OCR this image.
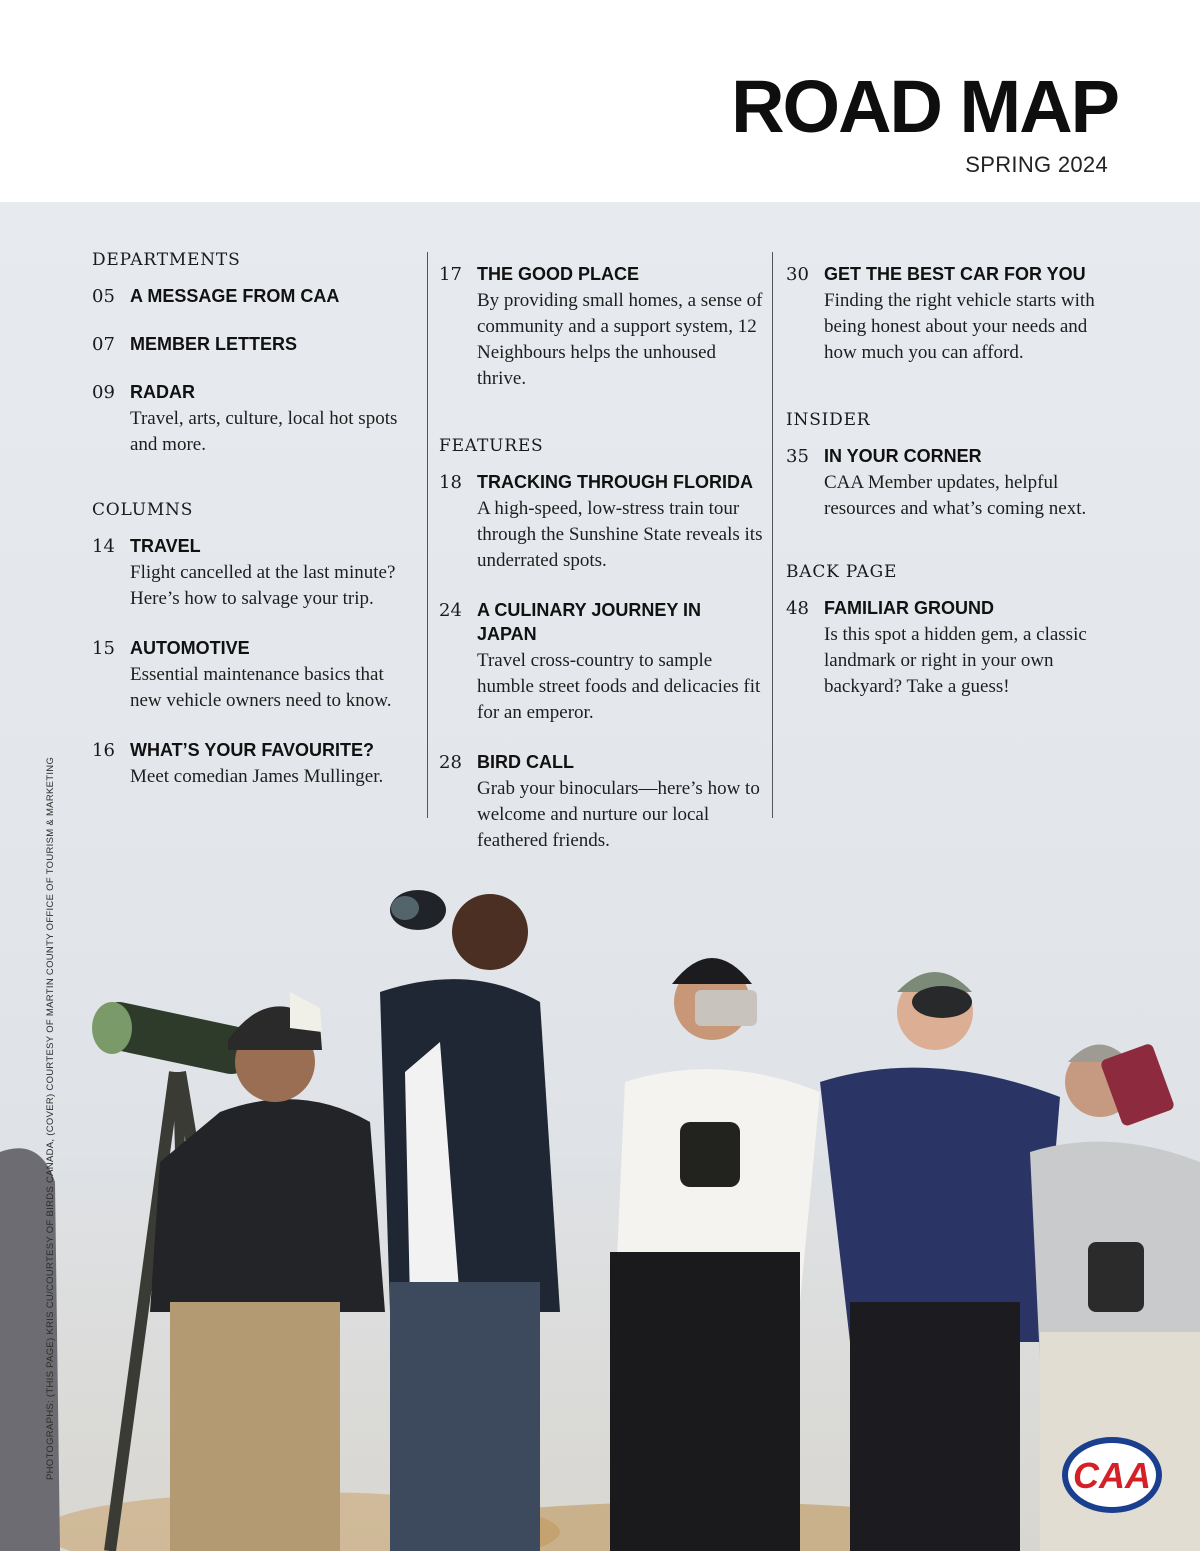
ROAD MAP
SPRING 2024
DEPARTMENTS
05 A MESSAGE FROM CAA
07 MEMBER LETTERS
09 RADAR
Travel, arts, culture, local hot spots and more.
COLUMNS
14 TRAVEL
Flight cancelled at the last minute? Here’s how to salvage your trip.
15 AUTOMOTIVE
Essential maintenance basics that new vehicle owners need to know.
16 WHAT’S YOUR FAVOURITE?
Meet comedian James Mullinger.
17 THE GOOD PLACE
By providing small homes, a sense of community and a support system, 12 Neighbours helps the unhoused thrive.
FEATURES
18 TRACKING THROUGH FLORIDA
A high-speed, low-stress train tour through the Sunshine State reveals its underrated spots.
24 A CULINARY JOURNEY IN JAPAN
Travel cross-country to sample humble street foods and delicacies fit for an emperor.
28 BIRD CALL
Grab your binoculars—here’s how to welcome and nurture our local feathered friends.
30 GET THE BEST CAR FOR YOU
Finding the right vehicle starts with being honest about your needs and how much you can afford.
INSIDER
35 IN YOUR CORNER
CAA Member updates, helpful resources and what’s coming next.
BACK PAGE
48 FAMILIAR GROUND
Is this spot a hidden gem, a classic landmark or right in your own backyard? Take a guess!
PHOTOGRAPHS: (THIS PAGE) KRIS CU/COURTESY OF BIRDS CANADA, (COVER) COURTESY OF MARTIN COUNTY OFFICE OF TOURISM & MARKETING	CAA
